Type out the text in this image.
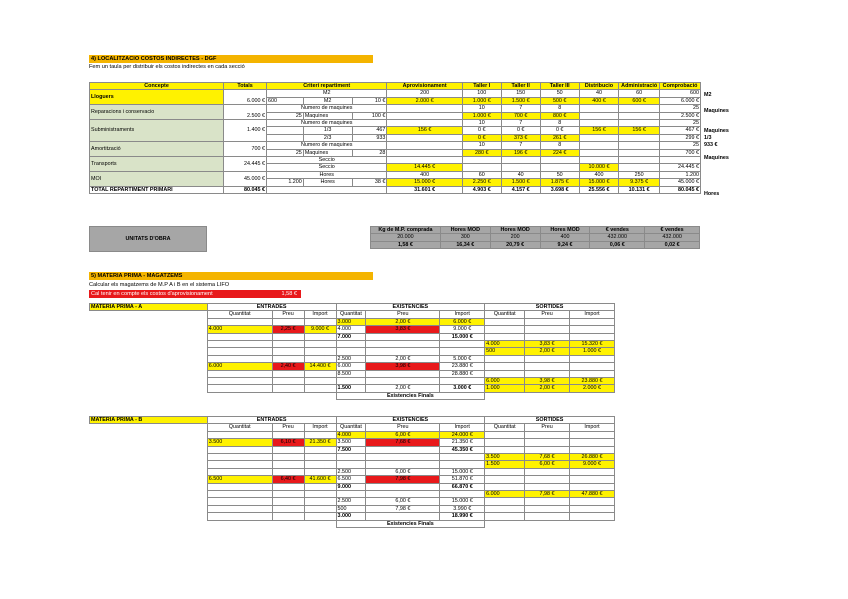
4) LOCALITZACIO COSTOS INDIRECTES - DGF
Fem un taula per distribuir els costos indirectes en cada secció
Concepte	Totals	Criteri repartiment			Aprovisionament	Taller I	Taller II	Taller III	Distribucio	Administració	Comprobació
Lloguers	6.000 €	M2			200	100	150	50	40	60	600
		600	M2	10 €	2.000 €	1.000 €	1.500 €	500 €	400 €	600 €	6.000 €
Reparacions i conservacio	2.500 €	Numero de maquines				10	7	8			25
		25	Maquines	100 €		1.000 €	700 €	800 €			2.500 €
Subministraments	1.400 €	Numero de maquines				10	7	8			25
			1/3	467	156 €	0 €	0 €	0 €	156 €	156 €	467 €
			2/3	933		0 €	373 €	261 €			299 €
Amortització	700 €	Numero de maquines				10	7	8			25
		25	Maquines	28		280 €	196 €	224 €			700 €
Transports	24.445 €	Seccio									
		Seccio			14.445 €				10.000 €		24.445 €
MOI	45.000 €	Hores			400	60	40	50	400	250	1.200
		1.200	Hores	38 €	15.000 €	2.250 €	1.500 €	1.875 €	15.000 €	9.375 €	45.000 €
TOTAL REPARTIMENT PRIMARI	80.045 €				31.601 €	4.903 €	4.157 €	3.698 €	25.556 €	10.131 €	80.045 €
M2
Maquines
Maquines
1/3
933 €
Maquines
Hores
UNITATS D'OBRA
Kg de M.P. comprada	Hores MOD	Hores MOD	Hores MOD	€ vendes	€ vendes
20.000	300	200	400	432.000	432.000
1,58 €	16,34 €	20,79 €	9,24 €	0,06 €	0,02 €
5) MATERIA PRIMA - MAGATZEMS
Calcular els magatzems de M.P A i B en el sistema LIFO
Cal tenir en compte els costos d'aprovisionament	1,58 €
MATERIA PRIMA - A	ENTRADES			EXISTENCIES			SORTIDES		
	Quantitat	Preu	Import	Quantitat	Preu	Import	Quantitat	Preu	Import
				3.000	2,00 €	6.000 €			
	4.000	2,25 €	9.000 €	4.000	3,83 €	9.000 €			
				7.000		15.000 €			
							4.000	3,83 €	15.320 €
							500	2,00 €	1.000 €
				2.500	2,00 €	5.000 €			
	6.000	2,40 €	14.400 €	6.000	3,98 €	23.880 €			
				8.500		28.880 €			
							6.000	3,98 €	23.880 €
				1.500	2,00 €	3.000 €	1.000	2,00 €	2.000 €
				Existencies Finals					
MATERIA PRIMA - B	ENTRADES			EXISTENCIES			SORTIDES		
	Quantitat	Preu	Import	Quantitat	Preu	Import	Quantitat	Preu	Import
				4.000	6,00 €	24.000 €			
	3.500	6,10 €	21.350 €	3.500	7,68 €	21.350 €			
				7.500		45.350 €			
							3.500	7,68 €	26.880 €
							1.500	6,00 €	9.000 €
				2.500	6,00 €	15.000 €			
	6.500	6,40 €	41.600 €	6.500	7,98 €	51.870 €			
				9.000		66.870 €			
							6.000	7,98 €	47.880 €
				2.500	6,00 €	15.000 €			
				500	7,98 €	3.990 €			
				3.000		18.990 €			
				Existencies Finals					
